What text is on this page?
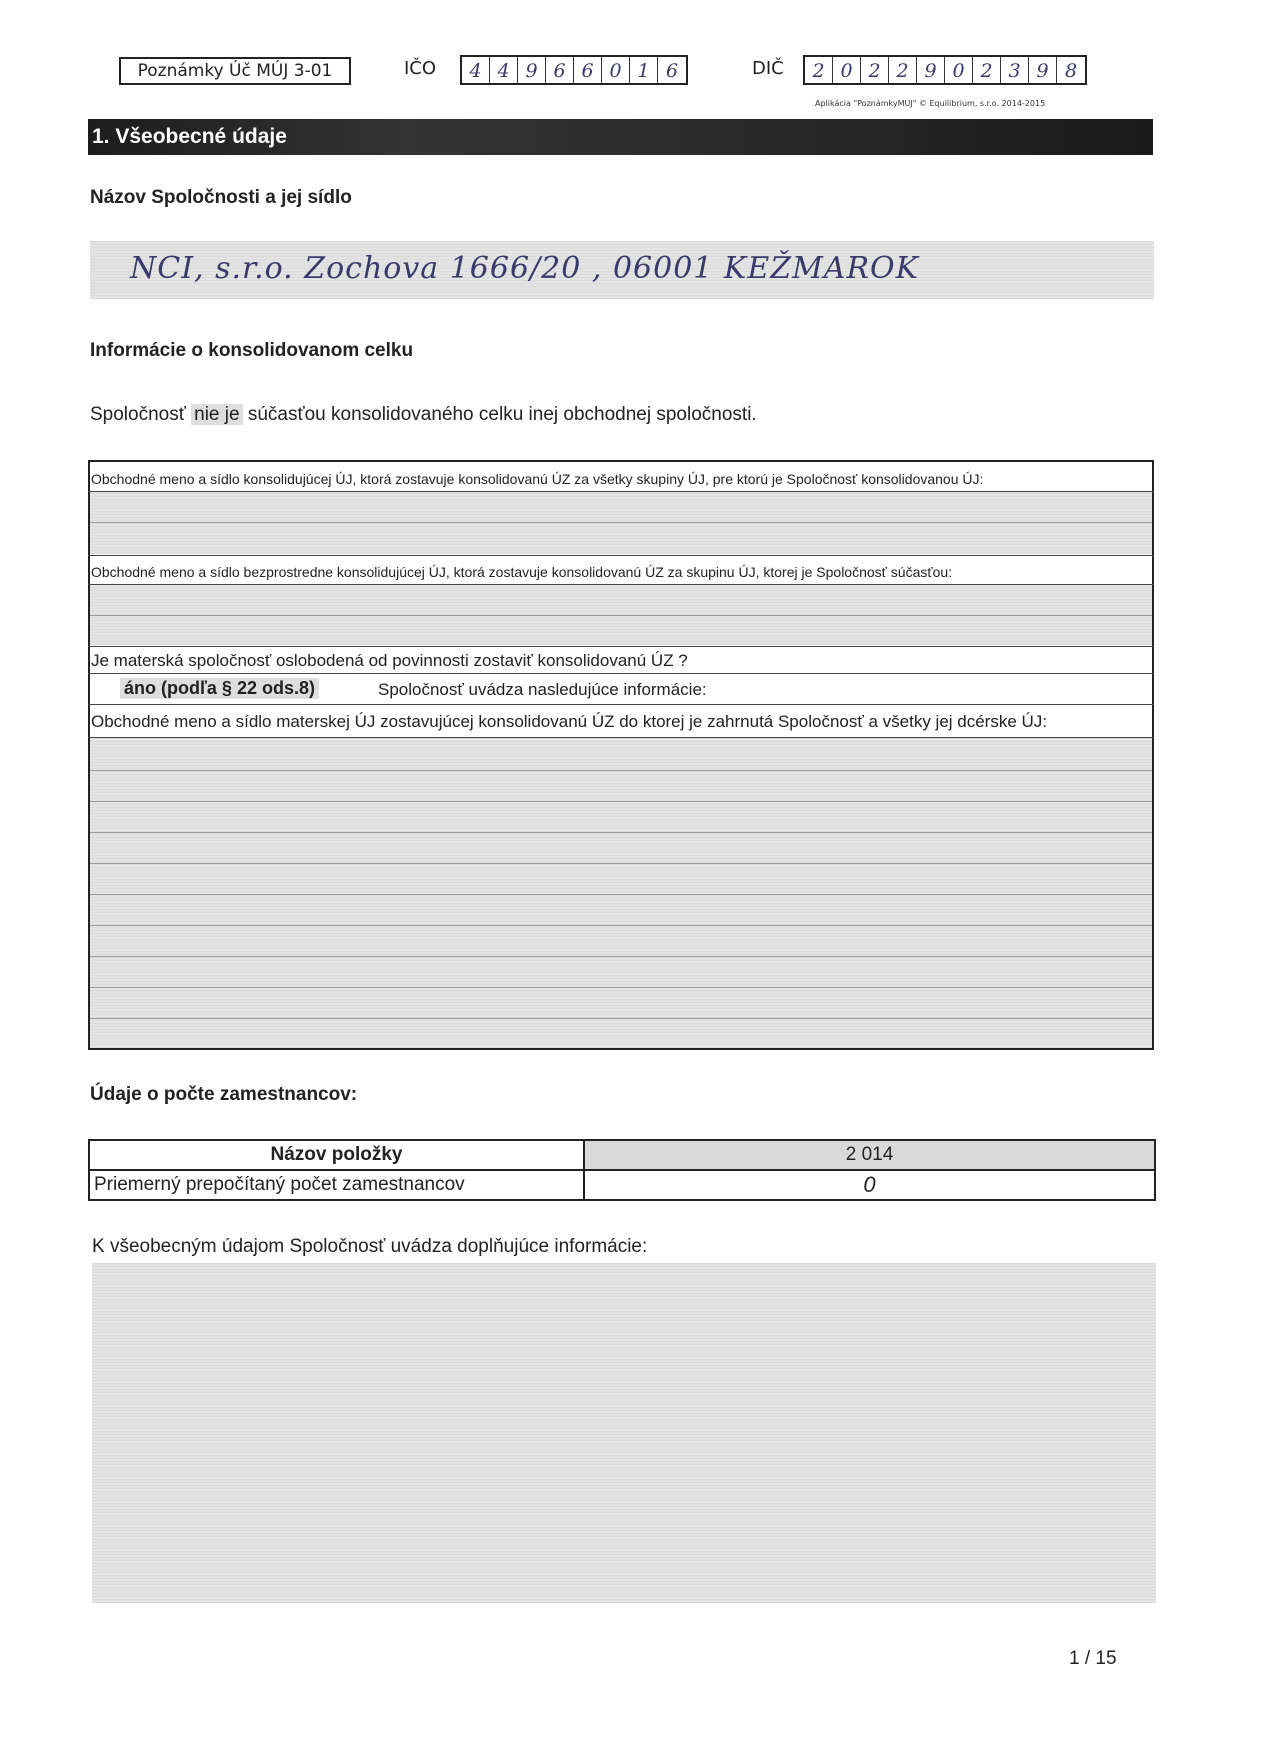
Poznámky Úč MÚJ 3-01	IČO	4 4 9 6 6 0 1 6	DIČ	2 0 2 2 9 0 2 3 9 8
Aplikácia "PoznámkyMUJ" © Equilibrium, s.r.o. 2014-2015
1. Všeobecné údaje
Názov Spoločnosti a jej sídlo
NCI, s.r.o. Zochova 1666/20 , 06001 KEŽMAROK
Informácie o konsolidovanom celku
Spoločnosť nie je súčasťou konsolidovaného celku inej obchodnej spoločnosti.
Obchodné meno a sídlo konsolidujúcej ÚJ, ktorá zostavuje konsolidovanú ÚZ za všetky skupiny ÚJ, pre ktorú je Spoločnosť konsolidovanou ÚJ:
Obchodné meno a sídlo bezprostredne konsolidujúcej ÚJ, ktorá zostavuje konsolidovanú ÚZ za skupinu ÚJ, ktorej je Spoločnosť súčasťou:
Je materská spoločnosť oslobodená od povinnosti zostaviť konsolidovanú ÚZ ?
áno (podľa § 22 ods.8)	Spoločnosť uvádza nasledujúce informácie:
Obchodné meno a sídlo materskej ÚJ zostavujúcej konsolidovanú ÚZ do ktorej je zahrnutá Spoločnosť a všetky jej dcérske ÚJ:
Údaje o počte zamestnancov:
Názov položky	2 014
Priemerný prepočítaný počet zamestnancov	0
K všeobecným údajom Spoločnosť uvádza doplňujúce informácie:
1 / 15
